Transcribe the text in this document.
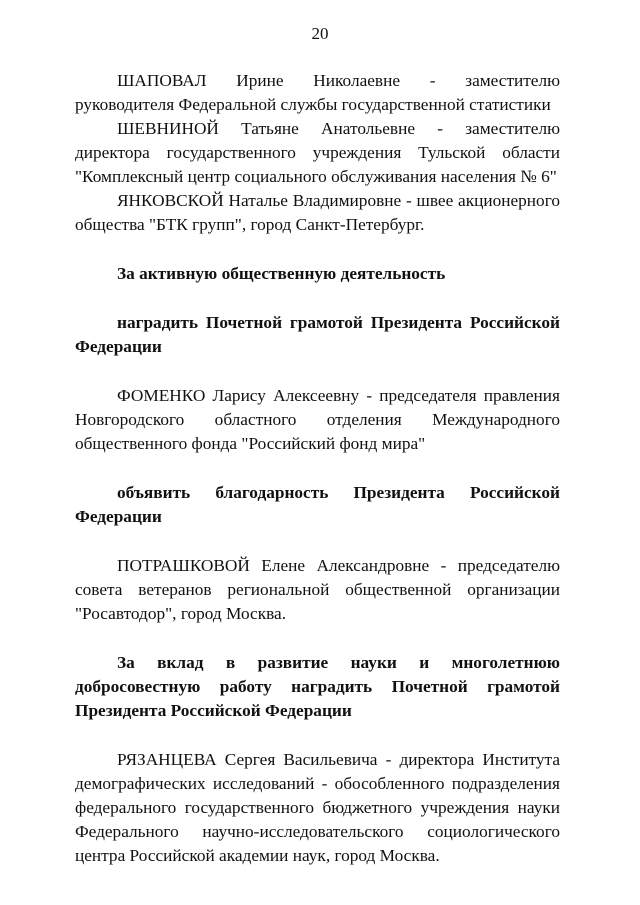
20

ШАПОВАЛ Ирине Николаевне - заместителю руководителя Федеральной службы государственной статистики

ШЕВНИНОЙ Татьяне Анатольевне - заместителю директора государственного учреждения Тульской области "Комплексный центр социального обслуживания населения № 6"

ЯНКОВСКОЙ Наталье Владимировне - швее акционерного общества "БТК групп", город Санкт-Петербург.

За активную общественную деятельность

наградить Почетной грамотой Президента Российской Федерации

ФОМЕНКО Ларису Алексеевну - председателя правления Новгородского областного отделения Международного общественного фонда "Российский фонд мира"

объявить благодарность Президента Российской Федерации

ПОТРАШКОВОЙ Елене Александровне - председателю совета ветеранов региональной общественной организации "Росавтодор", город Москва.

За вклад в развитие науки и многолетнюю добросовестную работу наградить Почетной грамотой Президента Российской Федерации

РЯЗАНЦЕВА Сергея Васильевича - директора Института демографических исследований - обособленного подразделения федерального государственного бюджетного учреждения науки Федерального научно-исследовательского социологического центра Российской академии наук, город Москва.
